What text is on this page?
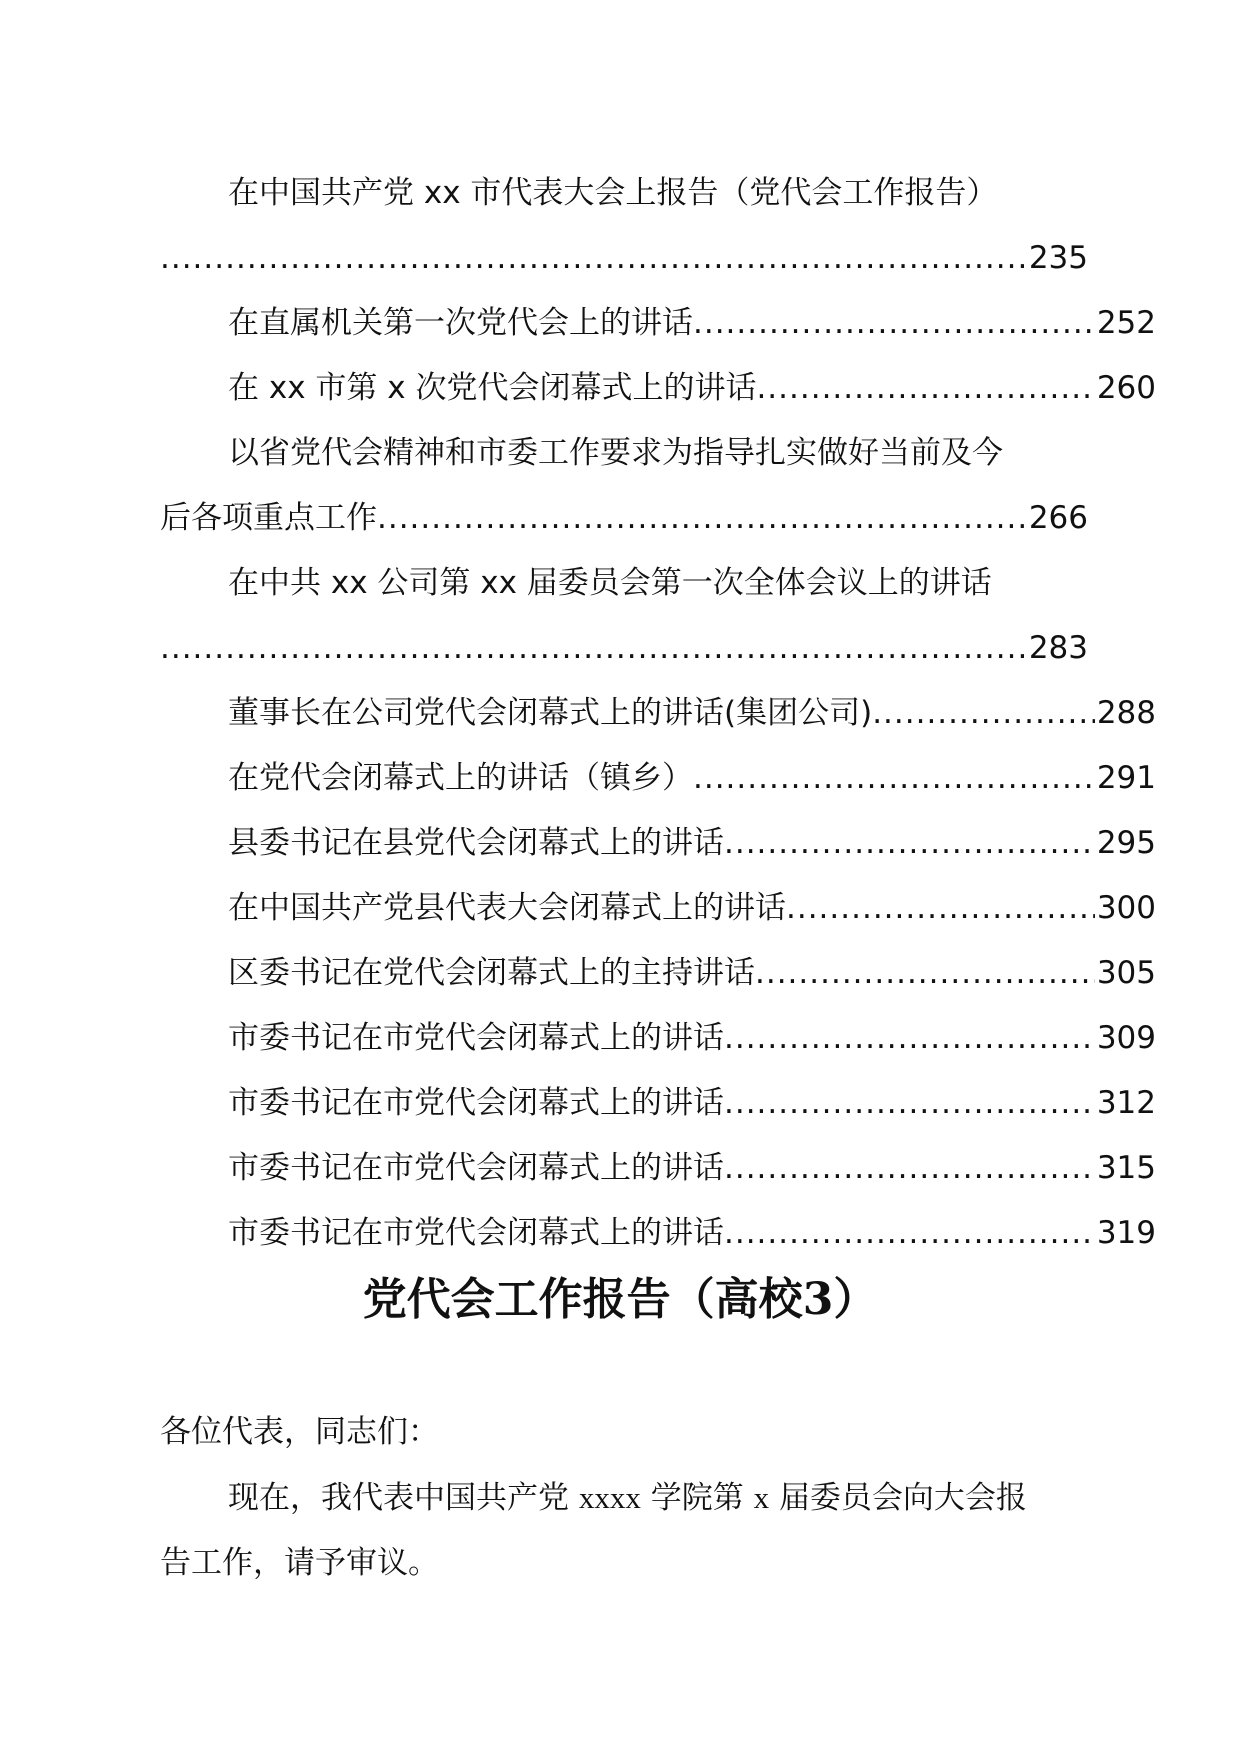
在中国共产党 xx 市代表大会上报告（党代会工作报告）
.....
235
在直属机关第一次党代会上的讲话 .....	252
在 xx 市第 x 次党代会闭幕式上的讲话 .....	260
以省党代会精神和市委工作要求为指导扎实做好当前及今
后各项重点工作 .....	266
在中共 xx 公司第 xx 届委员会第一次全体会议上的讲话
.....
283
董事长在公司党代会闭幕式上的讲话(集团公司) .....	288
在党代会闭幕式上的讲话（镇乡） .....	291
县委书记在县党代会闭幕式上的讲话 .....	295
在中国共产党县代表大会闭幕式上的讲话 .....	300
区委书记在党代会闭幕式上的主持讲话 .....	305
市委书记在市党代会闭幕式上的讲话 .....	309
市委书记在市党代会闭幕式上的讲话 .....	312
市委书记在市党代会闭幕式上的讲话 .....	315
市委书记在市党代会闭幕式上的讲话 .....	319
党代会工作报告（高校3）
各位代表，同志们：
现在，我代表中国共产党 xxxx 学院第 x 届委员会向大会报
告工作，请予审议。
